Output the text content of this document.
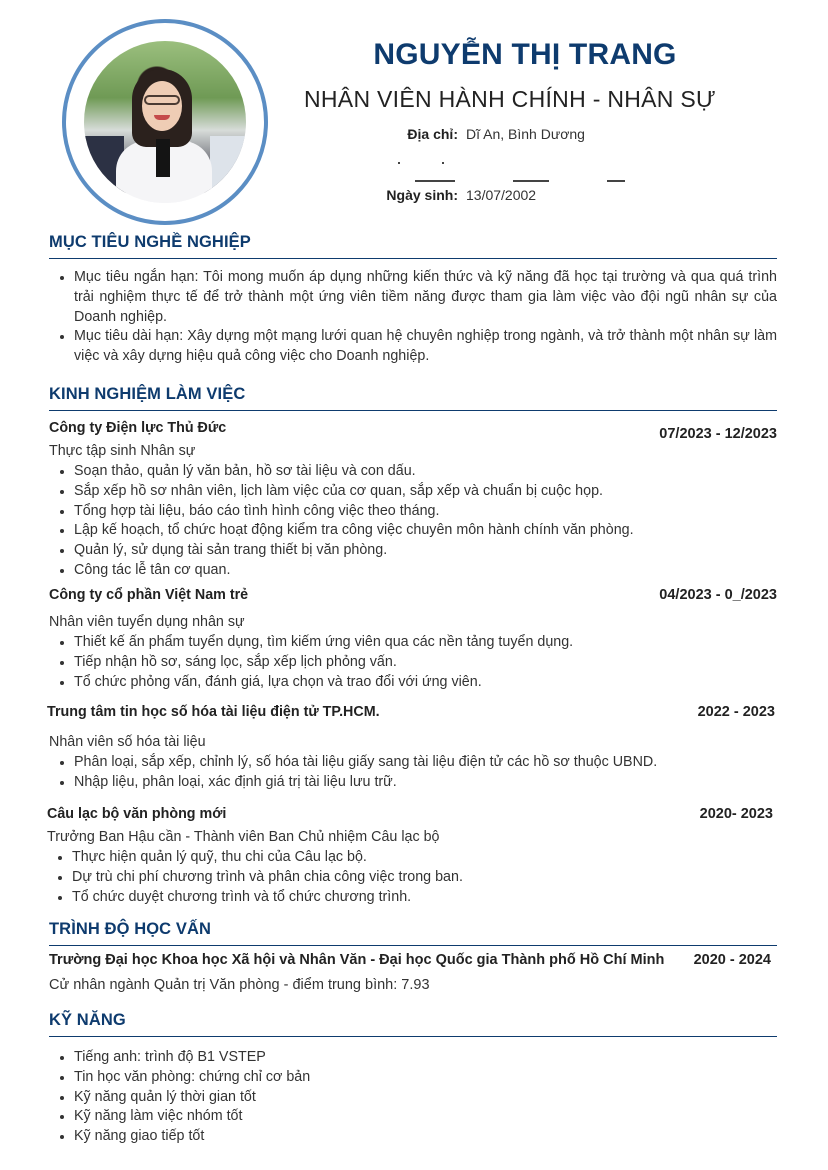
NGUYỄN THỊ TRANG
NHÂN VIÊN HÀNH CHÍNH - NHÂN SỰ
Địa chỉ: Dĩ An, Bình Dương
Ngày sinh: 13/07/2002
MỤC TIÊU NGHỀ NGHIỆP
Mục tiêu ngắn hạn: Tôi mong muốn áp dụng những kiến thức và kỹ năng đã học tại trường và qua quá trình trải nghiệm thực tế để trở thành một ứng viên tiềm năng được tham gia làm việc vào đội ngũ nhân sự của Doanh nghiệp.
Mục tiêu dài hạn: Xây dựng một mạng lưới quan hệ chuyên nghiệp trong ngành, và trở thành một nhân sự làm việc và xây dựng hiệu quả công việc cho Doanh nghiệp.
KINH NGHIỆM LÀM VIỆC
Công ty Điện lực Thủ Đức	07/2023 - 12/2023
Thực tập sinh Nhân sự
Soạn thảo, quản lý văn bản, hồ sơ tài liệu và con dấu.
Sắp xếp hồ sơ nhân viên, lịch làm việc của cơ quan, sắp xếp và chuẩn bị cuộc họp.
Tổng hợp tài liệu, báo cáo tình hình công việc theo tháng.
Lập kế hoạch, tổ chức hoạt động kiểm tra công việc chuyên môn hành chính văn phòng.
Quản lý, sử dụng tài sản trang thiết bị văn phòng.
Công tác lễ tân cơ quan.
Công ty cổ phần Việt Nam trẻ	04/2023 - 0_/2023
Nhân viên tuyển dụng nhân sự
Thiết kế ấn phẩm tuyển dụng, tìm kiếm ứng viên qua các nền tảng tuyển dụng.
Tiếp nhận hồ sơ, sáng lọc, sắp xếp lịch phỏng vấn.
Tổ chức phỏng vấn, đánh giá, lựa chọn và trao đổi với ứng viên.
Trung tâm tin học số hóa tài liệu điện tử TP.HCM.	2022 - 2023
Nhân viên số hóa tài liệu
Phân loại, sắp xếp, chỉnh lý, số hóa tài liệu giấy sang tài liệu điện tử các hồ sơ thuộc UBND.
Nhập liệu, phân loại, xác định giá trị tài liệu lưu trữ.
Câu lạc bộ văn phòng mới	2020- 2023
Trưởng Ban Hậu cần - Thành viên Ban Chủ nhiệm Câu lạc bộ
Thực hiện quản lý quỹ, thu chi của Câu lạc bộ.
Dự trù chi phí chương trình và phân chia công việc trong ban.
Tổ chức duyệt chương trình và tổ chức chương trình.
TRÌNH ĐỘ HỌC VẤN
Trường Đại học Khoa học Xã hội và Nhân Văn - Đại học Quốc gia Thành phố Hồ Chí Minh 2020 - 2024
Cử nhân ngành Quản trị Văn phòng - điểm trung bình: 7.93
KỸ NĂNG
Tiếng anh: trình độ B1 VSTEP
Tin học văn phòng: chứng chỉ cơ bản
Kỹ năng quản lý thời gian tốt
Kỹ năng làm việc nhóm tốt
Kỹ năng giao tiếp tốt
